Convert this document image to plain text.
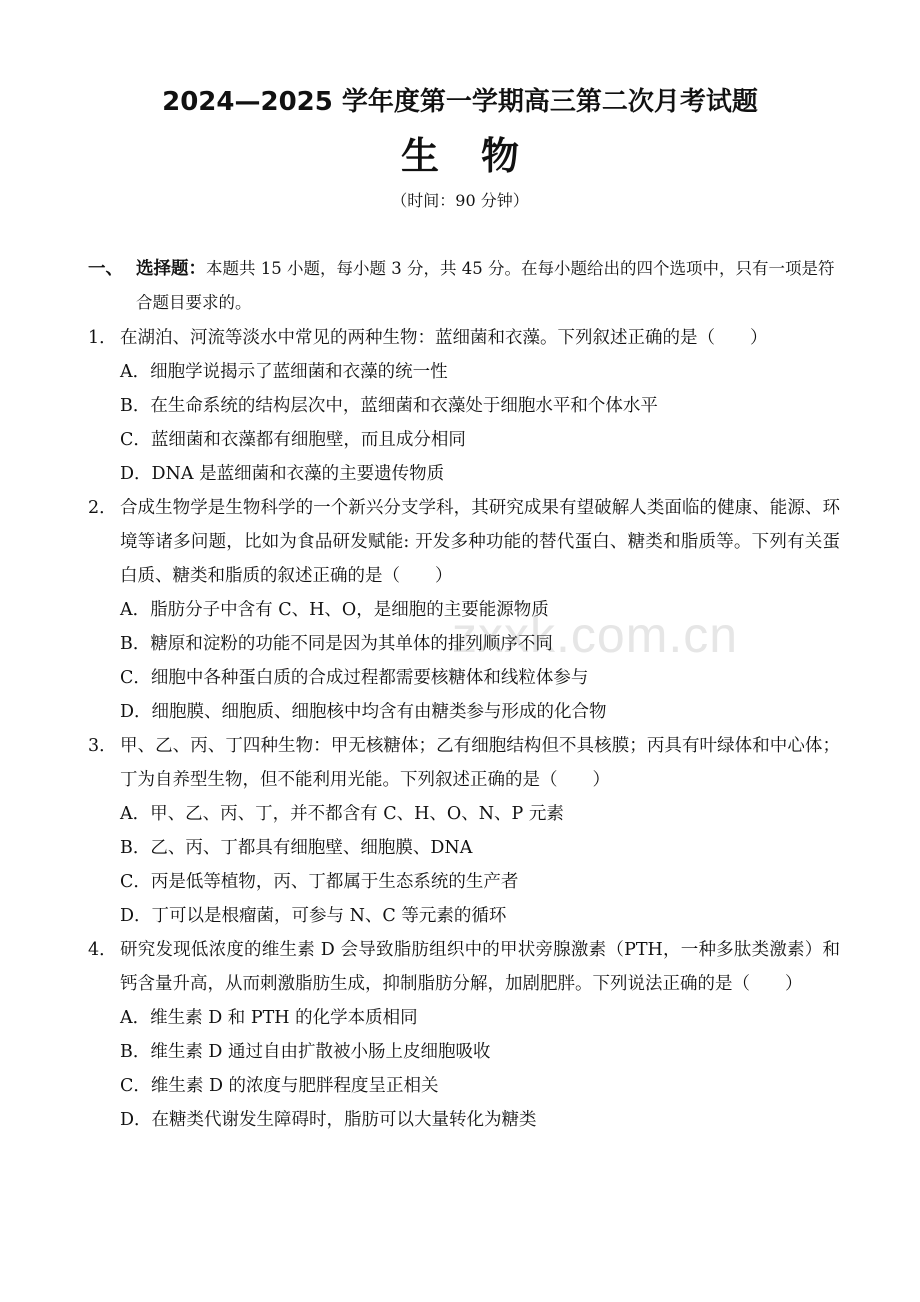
zxxk.com.cn
2024—2025 学年度第一学期高三第二次月考试题
生物
（时间：90 分钟）
一、 选择题：本题共 15 小题，每小题 3 分，共 45 分。在每小题给出的四个选项中，只有一项是符合题目要求的。
1． 在湖泊、河流等淡水中常见的两种生物：蓝细菌和衣藻。下列叙述正确的是（　　）
A．细胞学说揭示了蓝细菌和衣藻的统一性
B．在生命系统的结构层次中，蓝细菌和衣藻处于细胞水平和个体水平
C．蓝细菌和衣藻都有细胞壁，而且成分相同
D．DNA 是蓝细菌和衣藻的主要遗传物质
2． 合成生物学是生物科学的一个新兴分支学科，其研究成果有望破解人类面临的健康、能源、环境等诸多问题，比如为食品研发赋能: 开发多种功能的替代蛋白、糖类和脂质等。下列有关蛋白质、糖类和脂质的叙述正确的是（　　）
A．脂肪分子中含有 C、H、O，是细胞的主要能源物质
B．糖原和淀粉的功能不同是因为其单体的排列顺序不同
C．细胞中各种蛋白质的合成过程都需要核糖体和线粒体参与
D．细胞膜、细胞质、细胞核中均含有由糖类参与形成的化合物
3． 甲、乙、丙、丁四种生物：甲无核糖体；乙有细胞结构但不具核膜；丙具有叶绿体和中心体；丁为自养型生物，但不能利用光能。下列叙述正确的是（　　）
A．甲、乙、丙、丁，并不都含有 C、H、O、N、P 元素
B．乙、丙、丁都具有细胞壁、细胞膜、DNA
C．丙是低等植物，丙、丁都属于生态系统的生产者
D．丁可以是根瘤菌，可参与 N、C 等元素的循环
4． 研究发现低浓度的维生素 D 会导致脂肪组织中的甲状旁腺激素（PTH，一种多肽类激素）和钙含量升高，从而刺激脂肪生成，抑制脂肪分解，加剧肥胖。下列说法正确的是（　　）
A．维生素 D 和 PTH 的化学本质相同
B．维生素 D 通过自由扩散被小肠上皮细胞吸收
C．维生素 D 的浓度与肥胖程度呈正相关
D．在糖类代谢发生障碍时，脂肪可以大量转化为糖类
